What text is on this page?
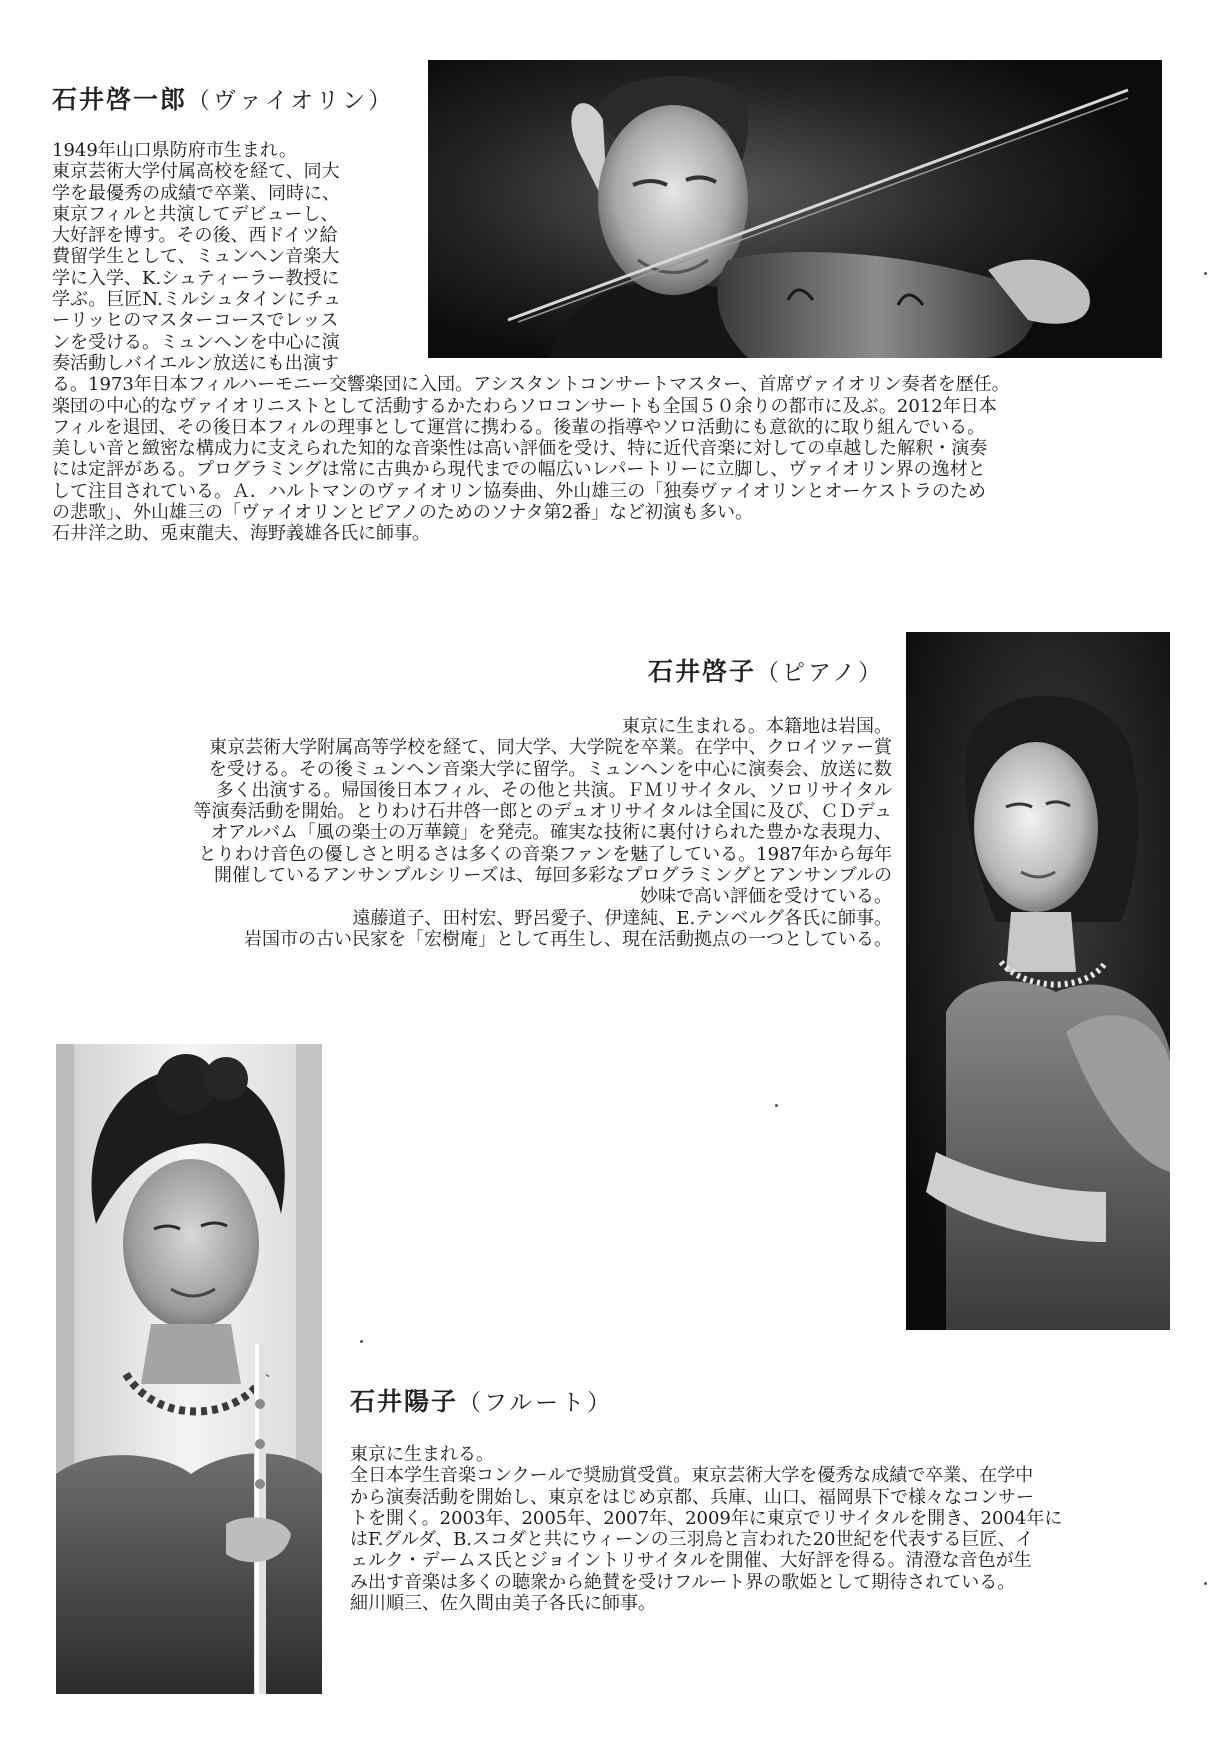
石井啓一郎（ヴァイオリン）
1949年山口県防府市生まれ。
東京芸術大学付属高校を経て、同大
学を最優秀の成績で卒業、同時に、
東京フィルと共演してデビューし、
大好評を博す。その後、西ドイツ給
費留学生として、ミュンヘン音楽大
学に入学、K.シュティーラー教授に
学ぶ。巨匠N.ミルシュタインにチュ
ーリッヒのマスターコースでレッス
ンを受ける。ミュンヘンを中心に演
奏活動しバイエルン放送にも出演す
る。1973年日本フィルハーモニー交響楽団に入団。アシスタントコンサートマスター、首席ヴァイオリン奏者を歴任。
楽団の中心的なヴァイオリニストとして活動するかたわらソロコンサートも全国５０余りの都市に及ぶ。2012年日本
フィルを退団、その後日本フィルの理事として運営に携わる。後輩の指導やソロ活動にも意欲的に取り組んでいる。
美しい音と緻密な構成力に支えられた知的な音楽性は高い評価を受け、特に近代音楽に対しての卓越した解釈・演奏
には定評がある。プログラミングは常に古典から現代までの幅広いレパートリーに立脚し、ヴァイオリン界の逸材と
して注目されている。Ａ．ハルトマンのヴァイオリン協奏曲、外山雄三の「独奏ヴァイオリンとオーケストラのため
の悲歌」、外山雄三の「ヴァイオリンとピアノのためのソナタ第2番」など初演も多い。
石井洋之助、兎束龍夫、海野義雄各氏に師事。
石井啓子（ピアノ）
東京に生まれる。本籍地は岩国。
東京芸術大学附属高等学校を経て、同大学、大学院を卒業。在学中、クロイツァー賞
を受ける。その後ミュンヘン音楽大学に留学。ミュンヘンを中心に演奏会、放送に数
多く出演する。帰国後日本フィル、その他と共演。ＦＭリサイタル、ソロリサイタル
等演奏活動を開始。とりわけ石井啓一郎とのデュオリサイタルは全国に及び、ＣＤデュ
オアルバム「風の楽士の万華鏡」を発売。確実な技術に裏付けられた豊かな表現力、
とりわけ音色の優しさと明るさは多くの音楽ファンを魅了している。1987年から毎年
開催しているアンサンブルシリーズは、毎回多彩なプログラミングとアンサンブルの
妙味で高い評価を受けている。
遠藤道子、田村宏、野呂愛子、伊達純、E.テンベルグ各氏に師事。
岩国市の古い民家を「宏樹庵」として再生し、現在活動拠点の一つとしている。
石井陽子（フルート）
東京に生まれる。
全日本学生音楽コンクールで奨励賞受賞。東京芸術大学を優秀な成績で卒業、在学中
から演奏活動を開始し、東京をはじめ京都、兵庫、山口、福岡県下で様々なコンサー
トを開く。2003年、2005年、2007年、2009年に東京でリサイタルを開き、2004年に
はF.グルダ、B.スコダと共にウィーンの三羽烏と言われた20世紀を代表する巨匠、イ
ェルク・デームス氏とジョイントリサイタルを開催、大好評を得る。清澄な音色が生
み出す音楽は多くの聴衆から絶賛を受けフルート界の歌姫として期待されている。
細川順三、佐久間由美子各氏に師事。
